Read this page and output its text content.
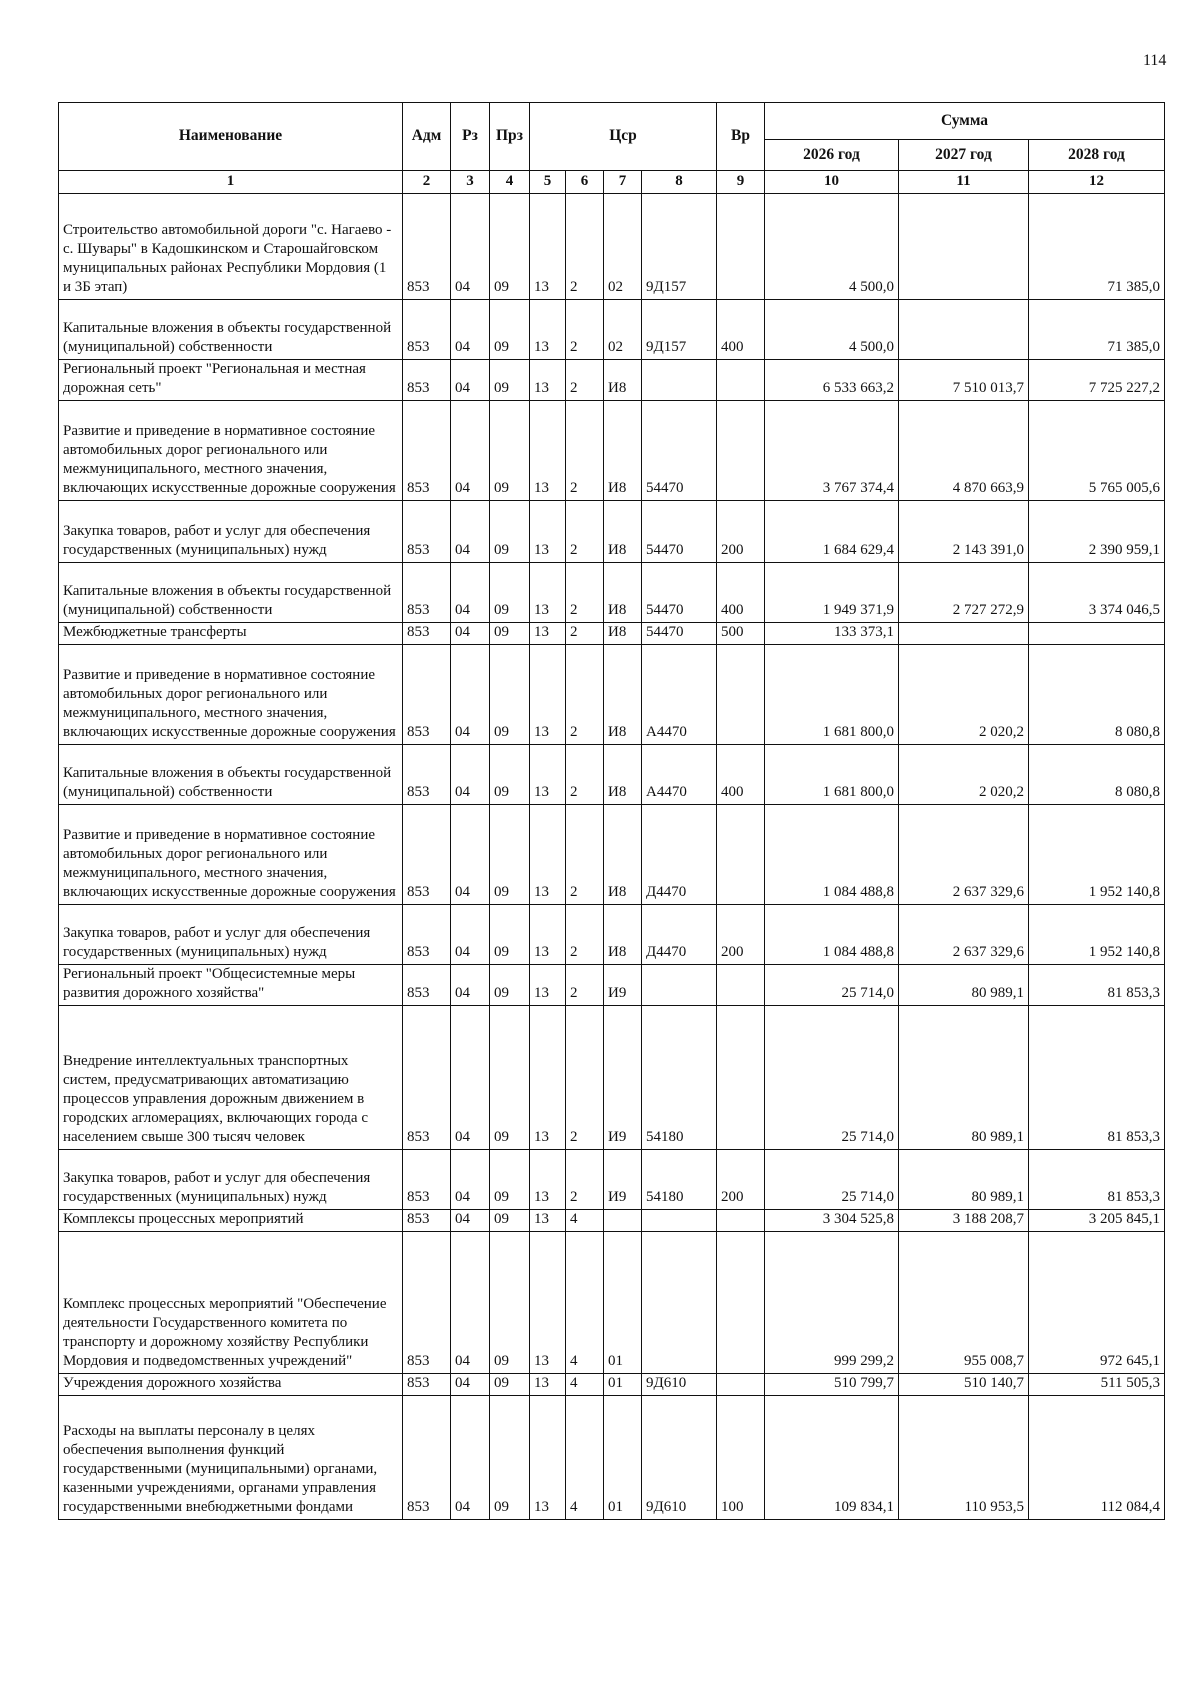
114
Наименование	Адм	Рз	Прз	Цср				Вр	Сумма		
									2026 год	2027 год	2028 год
1	2	3	4	5	6	7	8	9	10	11	12
Строительство автомобильной дороги "с. Нагаево - с. Шувары" в Кадошкинском и Старошайговском муниципальных районах Республики Мордовия (1 и 3Б этап)	853	04	09	13	2	02	9Д157		4 500,0		71 385,0
Капитальные вложения в объекты государственной (муниципальной) собственности	853	04	09	13	2	02	9Д157	400	4 500,0		71 385,0
Региональный проект "Региональная и местная дорожная сеть"	853	04	09	13	2	И8			6 533 663,2	7 510 013,7	7 725 227,2
Развитие и приведение в нормативное состояние автомобильных дорог регионального или межмуниципального, местного значения, включающих искусственные дорожные сооружения	853	04	09	13	2	И8	54470		3 767 374,4	4 870 663,9	5 765 005,6
Закупка товаров, работ и услуг для обеспечения государственных (муниципальных) нужд	853	04	09	13	2	И8	54470	200	1 684 629,4	2 143 391,0	2 390 959,1
Капитальные вложения в объекты государственной (муниципальной) собственности	853	04	09	13	2	И8	54470	400	1 949 371,9	2 727 272,9	3 374 046,5
Межбюджетные трансферты	853	04	09	13	2	И8	54470	500	133 373,1		
Развитие и приведение в нормативное состояние автомобильных дорог регионального или межмуниципального, местного значения, включающих искусственные дорожные сооружения	853	04	09	13	2	И8	А4470		1 681 800,0	2 020,2	8 080,8
Капитальные вложения в объекты государственной (муниципальной) собственности	853	04	09	13	2	И8	А4470	400	1 681 800,0	2 020,2	8 080,8
Развитие и приведение в нормативное состояние автомобильных дорог регионального или межмуниципального, местного значения, включающих искусственные дорожные сооружения	853	04	09	13	2	И8	Д4470		1 084 488,8	2 637 329,6	1 952 140,8
Закупка товаров, работ и услуг для обеспечения государственных (муниципальных) нужд	853	04	09	13	2	И8	Д4470	200	1 084 488,8	2 637 329,6	1 952 140,8
Региональный проект "Общесистемные меры развития дорожного хозяйства"	853	04	09	13	2	И9			25 714,0	80 989,1	81 853,3
Внедрение интеллектуальных транспортных систем, предусматривающих автоматизацию процессов управления дорожным движением в городских агломерациях, включающих города с населением свыше 300 тысяч человек	853	04	09	13	2	И9	54180		25 714,0	80 989,1	81 853,3
Закупка товаров, работ и услуг для обеспечения государственных (муниципальных) нужд	853	04	09	13	2	И9	54180	200	25 714,0	80 989,1	81 853,3
Комплексы процессных мероприятий	853	04	09	13	4				3 304 525,8	3 188 208,7	3 205 845,1
Комплекс процессных мероприятий "Обеспечение деятельности Государственного комитета по транспорту и дорожному хозяйству Республики Мордовия и подведомственных учреждений"	853	04	09	13	4	01			999 299,2	955 008,7	972 645,1
Учреждения дорожного хозяйства	853	04	09	13	4	01	9Д610		510 799,7	510 140,7	511 505,3
Расходы на выплаты персоналу в целях обеспечения выполнения функций государственными (муниципальными) органами, казенными учреждениями, органами управления государственными внебюджетными фондами	853	04	09	13	4	01	9Д610	100	109 834,1	110 953,5	112 084,4
